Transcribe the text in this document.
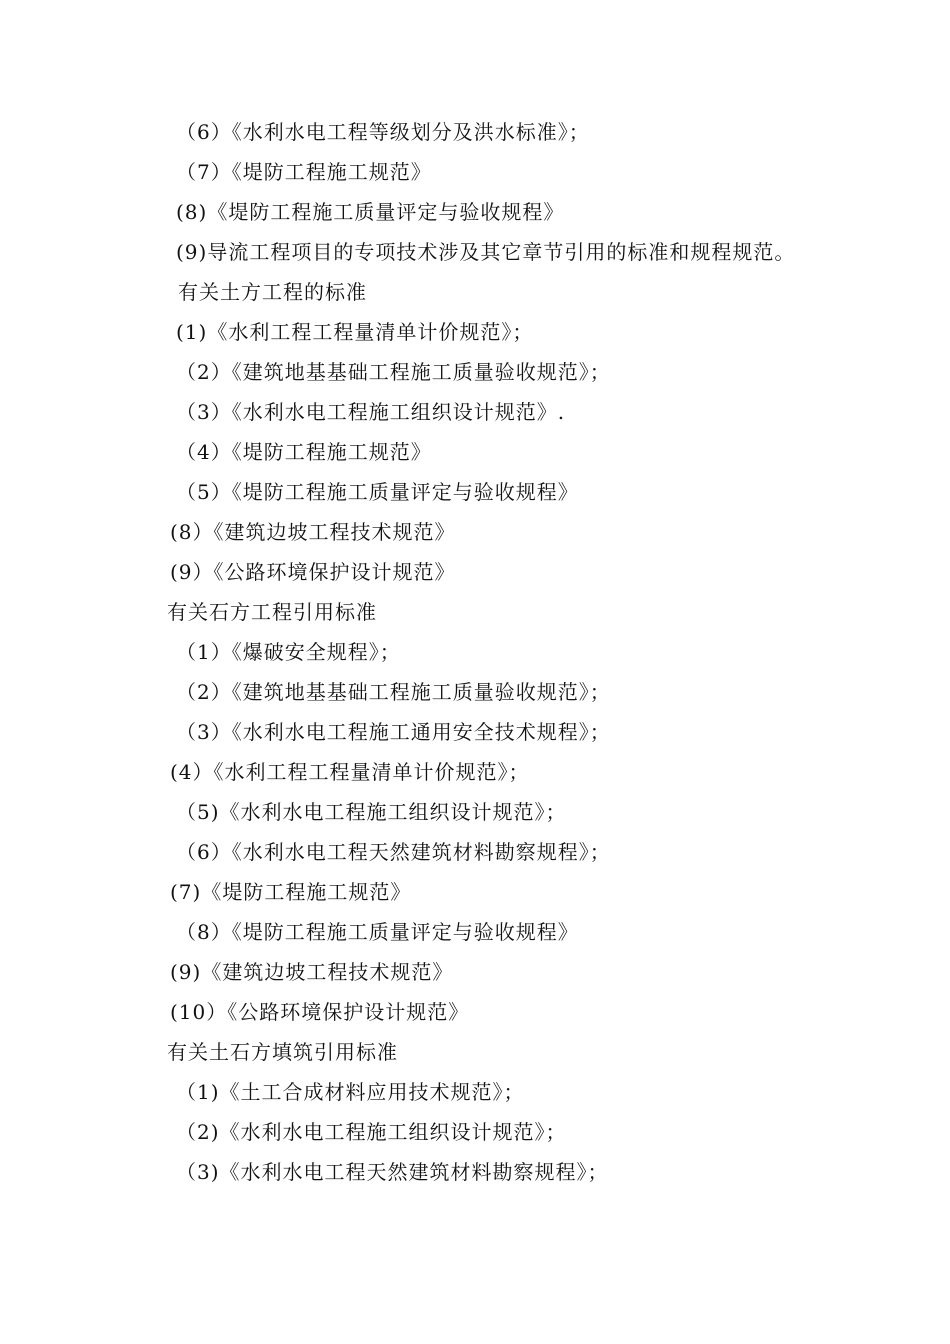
（6）《水利水电工程等级划分及洪水标准》；
（7）《堤防工程施工规范》
(8)《堤防工程施工质量评定与验收规程》
(9)导流工程项目的专项技术涉及其它章节引用的标准和规程规范。
有关土方工程的标准
(1)《水利工程工程量清单计价规范》；
（2）《建筑地基基础工程施工质量验收规范》；
（3）《水利水电工程施工组织设计规范》.
（4）《堤防工程施工规范》
（5）《堤防工程施工质量评定与验收规程》
(8）《建筑边坡工程技术规范》
(9）《公路环境保护设计规范》
有关石方工程引用标准
（1）《爆破安全规程》；
（2）《建筑地基基础工程施工质量验收规范》；
（3）《水利水电工程施工通用安全技术规程》；
(4）《水利工程工程量清单计价规范》；
（5)《水利水电工程施工组织设计规范》；
（6）《水利水电工程天然建筑材料勘察规程》；
(7)《堤防工程施工规范》
（8）《堤防工程施工质量评定与验收规程》
(9)《建筑边坡工程技术规范》
(10）《公路环境保护设计规范》
有关土石方填筑引用标准
（1)《土工合成材料应用技术规范》；
（2)《水利水电工程施工组织设计规范》；
（3)《水利水电工程天然建筑材料勘察规程》；
